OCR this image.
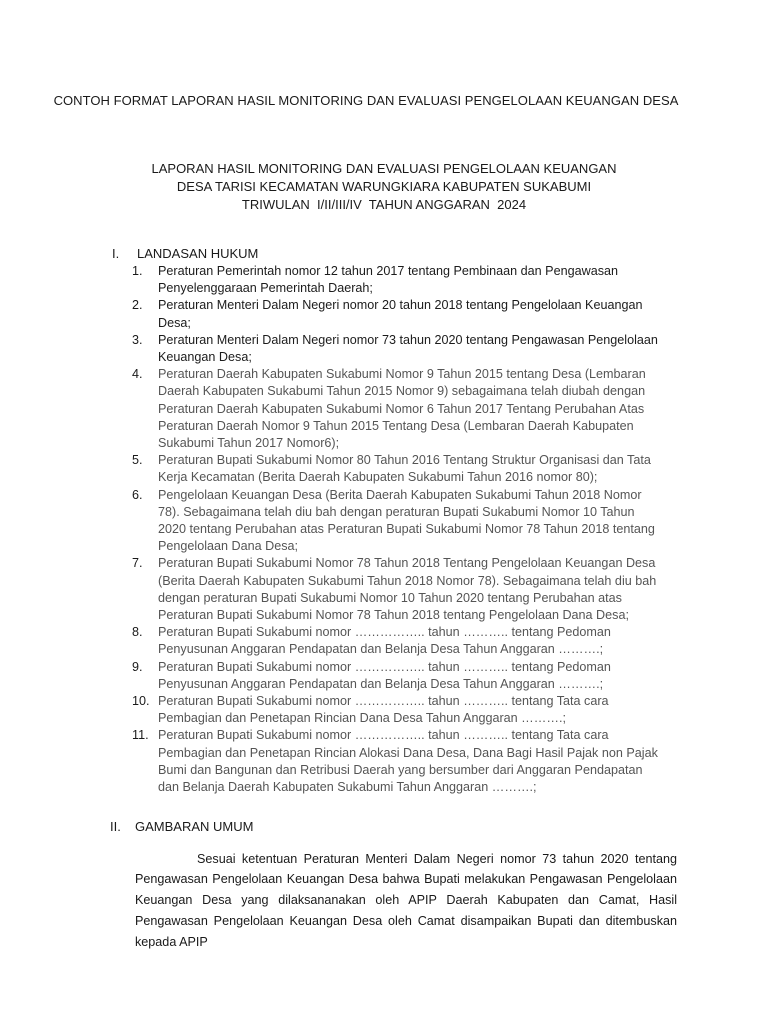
CONTOH FORMAT LAPORAN HASIL MONITORING DAN EVALUASI PENGELOLAAN KEUANGAN DESA
LAPORAN HASIL MONITORING DAN EVALUASI PENGELOLAAN KEUANGAN
DESA TARISI KECAMATAN WARUNGKIARA KABUPATEN SUKABUMI
TRIWULAN  I/II/III/IV  TAHUN ANGGARAN  2024
I. LANDASAN HUKUM
1. Peraturan Pemerintah nomor 12 tahun 2017 tentang Pembinaan dan Pengawasan Penyelenggaraan Pemerintah Daerah;
2. Peraturan Menteri Dalam Negeri nomor 20 tahun 2018 tentang Pengelolaan Keuangan Desa;
3. Peraturan Menteri Dalam Negeri nomor 73 tahun 2020 tentang Pengawasan Pengelolaan Keuangan Desa;
4. Peraturan Daerah Kabupaten Sukabumi Nomor 9 Tahun 2015 tentang Desa (Lembaran Daerah Kabupaten Sukabumi Tahun 2015 Nomor 9) sebagaimana telah diubah dengan Peraturan Daerah Kabupaten Sukabumi Nomor 6 Tahun 2017 Tentang Perubahan Atas Peraturan Daerah Nomor 9 Tahun 2015 Tentang Desa (Lembaran Daerah Kabupaten Sukabumi Tahun 2017 Nomor6);
5. Peraturan Bupati Sukabumi Nomor 80 Tahun 2016 Tentang Struktur Organisasi dan Tata Kerja Kecamatan (Berita Daerah Kabupaten Sukabumi Tahun 2016 nomor 80);
6. Pengelolaan Keuangan Desa (Berita Daerah Kabupaten Sukabumi Tahun 2018 Nomor 78). Sebagaimana telah diu bah dengan peraturan Bupati Sukabumi Nomor 10 Tahun 2020 tentang Perubahan atas Peraturan Bupati Sukabumi Nomor 78 Tahun 2018 tentang Pengelolaan Dana Desa;
7. Peraturan Bupati Sukabumi Nomor 78 Tahun 2018 Tentang Pengelolaan Keuangan Desa (Berita Daerah Kabupaten Sukabumi Tahun 2018 Nomor 78). Sebagaimana telah diu bah dengan peraturan Bupati Sukabumi Nomor 10 Tahun 2020 tentang Perubahan atas Peraturan Bupati Sukabumi Nomor 78 Tahun 2018 tentang Pengelolaan Dana Desa;
8. Peraturan Bupati Sukabumi nomor …………….. tahun ……….. tentang Pedoman Penyusunan Anggaran Pendapatan dan Belanja Desa Tahun Anggaran ……….;
9. Peraturan Bupati Sukabumi nomor …………….. tahun ……….. tentang Pedoman Penyusunan Anggaran Pendapatan dan Belanja Desa Tahun Anggaran ……….;
10. Peraturan Bupati Sukabumi nomor …………….. tahun ……….. tentang Tata cara Pembagian dan Penetapan Rincian Dana Desa Tahun Anggaran ……….;
11. Peraturan Bupati Sukabumi nomor …………….. tahun ……….. tentang Tata cara Pembagian dan Penetapan Rincian Alokasi Dana Desa, Dana Bagi Hasil Pajak non Pajak Bumi dan Bangunan dan Retribusi Daerah yang bersumber dari Anggaran Pendapatan dan Belanja Daerah Kabupaten Sukabumi Tahun Anggaran ……….;
II. GAMBARAN UMUM

Sesuai ketentuan Peraturan Menteri Dalam Negeri nomor 73 tahun 2020 tentang Pengawasan Pengelolaan Keuangan Desa bahwa Bupati melakukan Pengawasan Pengelolaan Keuangan Desa yang dilaksananakan oleh APIP Daerah Kabupaten dan Camat, Hasil Pengawasan Pengelolaan Keuangan Desa oleh Camat disampaikan Bupati dan ditembuskan kepada APIP
